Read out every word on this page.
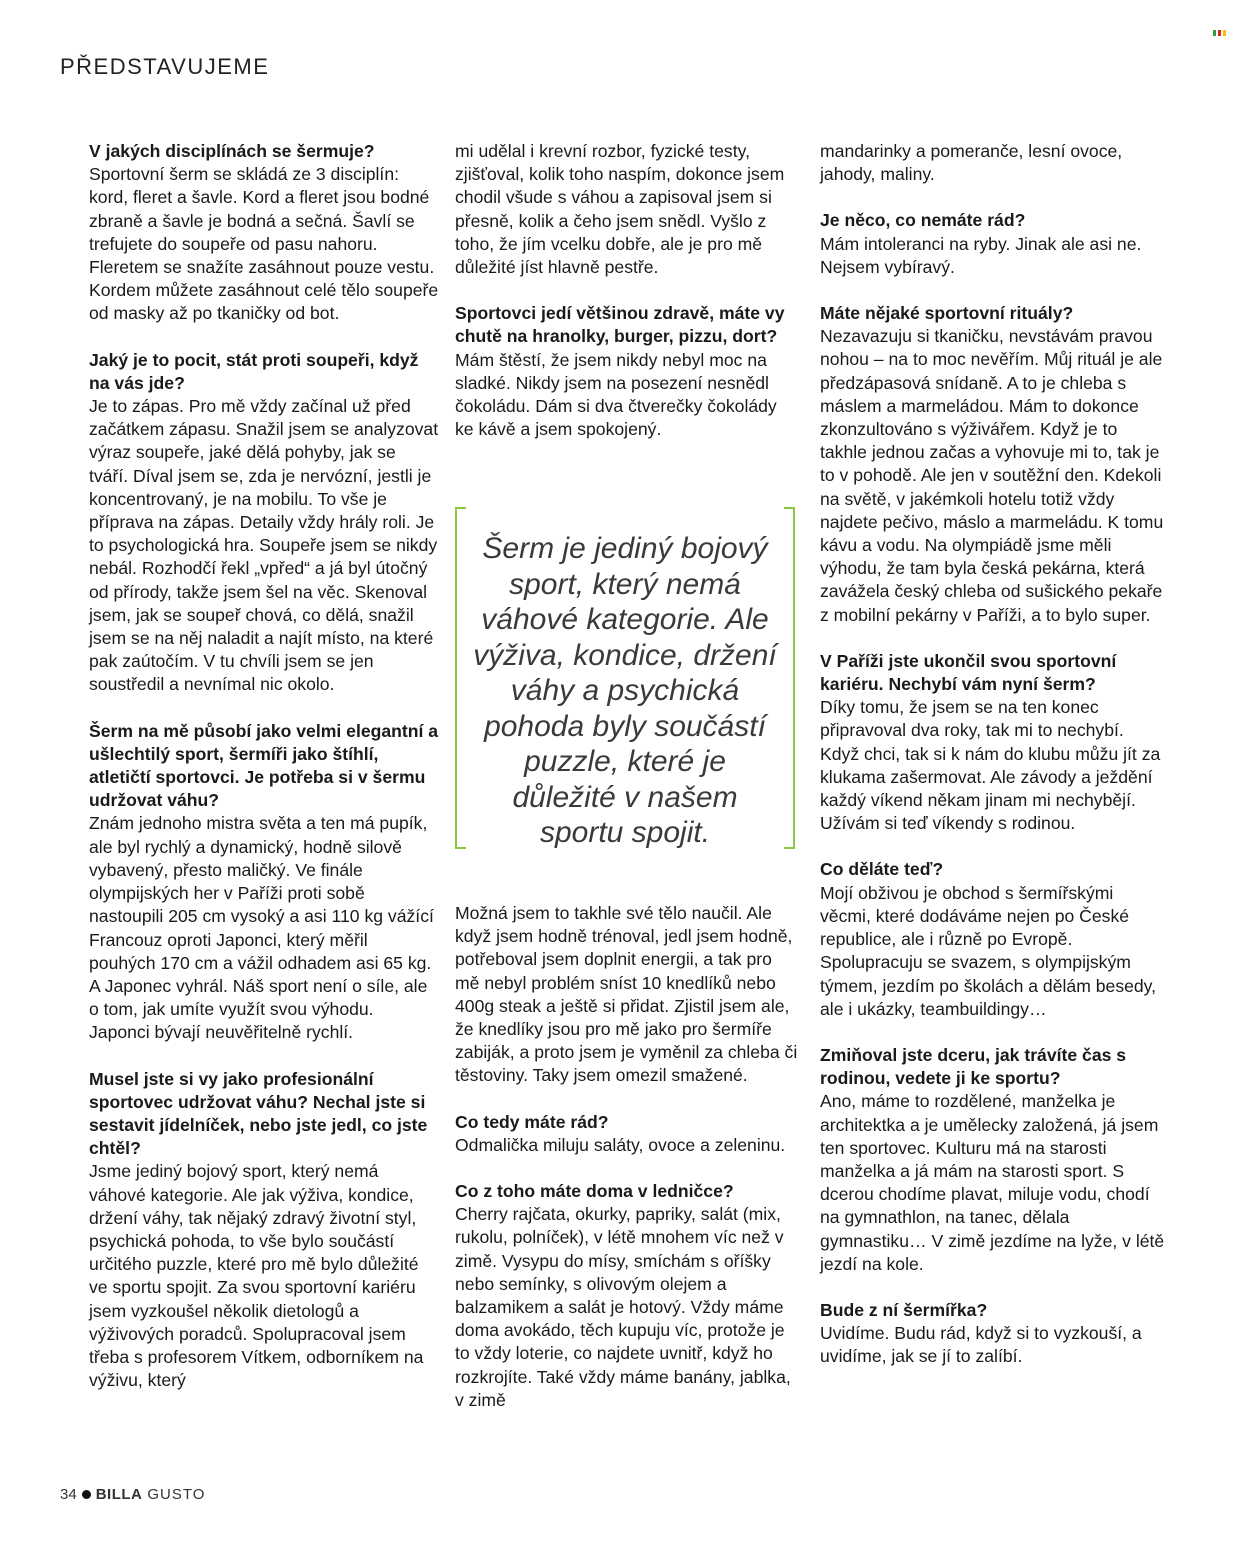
PŘEDSTAVUJEME

V jakých disciplínách se šermuje?
Sportovní šerm se skládá ze 3 disciplín: kord, fleret a šavle. Kord a fleret jsou bodné zbraně a šavle je bodná a sečná. Šavlí se trefujete do soupeře od pasu nahoru. Fleretem se snažíte zasáhnout pouze vestu. Kordem můžete zasáhnout celé tělo soupeře od masky až po tkaničky od bot.

Jaký je to pocit, stát proti soupeři, když na vás jde?
Je to zápas. Pro mě vždy začínal už před začátkem zápasu. Snažil jsem se analyzovat výraz soupeře, jaké dělá pohyby, jak se tváří. Díval jsem se, zda je nervózní, jestli je koncentrovaný, je na mobilu. To vše je příprava na zápas. Detaily vždy hrály roli. Je to psychologická hra. Soupeře jsem se nikdy nebál. Rozhodčí řekl „vpřed“ a já byl útočný od přírody, takže jsem šel na věc. Skenoval jsem, jak se soupeř chová, co dělá, snažil jsem se na něj naladit a najít místo, na které pak zaútočím. V tu chvíli jsem se jen soustředil a nevnímal nic okolo.

Šerm na mě působí jako velmi elegantní a ušlechtilý sport, šermíři jako štíhlí, atletičtí sportovci. Je potřeba si v šermu udržovat váhu?
Znám jednoho mistra světa a ten má pupík, ale byl rychlý a dynamický, hodně silově vybavený, přesto maličký. Ve finále olympijských her v Paříži proti sobě nastoupili 205 cm vysoký a asi 110 kg vážící Francouz oproti Japonci, který měřil pouhých 170 cm a vážil odhadem asi 65 kg. A Japonec vyhrál. Náš sport není o síle, ale o tom, jak umíte využít svou výhodu. Japonci bývají neuvěřitelně rychlí.

Musel jste si vy jako profesionální sportovec udržovat váhu? Nechal jste si sestavit jídelníček, nebo jste jedl, co jste chtěl?
Jsme jediný bojový sport, který nemá váhové kategorie. Ale jak výživa, kondice, držení váhy, tak nějaký zdravý životní styl, psychická pohoda, to vše bylo součástí určitého puzzle, které pro mě bylo důležité ve sportu spojit. Za svou sportovní kariéru jsem vyzkoušel několik dietologů a výživových poradců. Spolupracoval jsem třeba s profesorem Vítkem, odborníkem na výživu, který

mi udělal i krevní rozbor, fyzické testy, zjišťoval, kolik toho naspím, dokonce jsem chodil všude s váhou a zapisoval jsem si přesně, kolik a čeho jsem snědl. Vyšlo z toho, že jím vcelku dobře, ale je pro mě důležité jíst hlavně pestře.

Sportovci jedí většinou zdravě, máte vy chutě na hranolky, burger, pizzu, dort?
Mám štěstí, že jsem nikdy nebyl moc na sladké. Nikdy jsem na posezení nesnědl čokoládu. Dám si dva čtverečky čokolády ke kávě a jsem spokojený.

Šerm je jediný bojový sport, který nemá váhové kategorie. Ale výživa, kondice, držení váhy a psychická pohoda byly součástí puzzle, které je důležité v našem sportu spojit.

Možná jsem to takhle své tělo naučil. Ale když jsem hodně trénoval, jedl jsem hodně, potřeboval jsem doplnit energii, a tak pro mě nebyl problém sníst 10 knedlíků nebo 400g steak a ještě si přidat. Zjistil jsem ale, že knedlíky jsou pro mě jako pro šermíře zabiják, a proto jsem je vyměnil za chleba či těstoviny. Taky jsem omezil smažené.

Co tedy máte rád?
Odmalička miluju saláty, ovoce a zeleninu.

Co z toho máte doma v ledničce?
Cherry rajčata, okurky, papriky, salát (mix, rukolu, polníček), v létě mnohem víc než v zimě. Vysypu do mísy, smíchám s oříšky nebo semínky, s olivovým olejem a balzamikem a salát je hotový. Vždy máme doma avokádo, těch kupuju víc, protože je to vždy loterie, co najdete uvnitř, když ho rozkrojíte. Také vždy máme banány, jablka, v zimě

mandarinky a pomeranče, lesní ovoce, jahody, maliny.

Je něco, co nemáte rád?
Mám intoleranci na ryby. Jinak ale asi ne. Nejsem vybíravý.

Máte nějaké sportovní rituály?
Nezavazuju si tkaničku, nevstávám pravou nohou – na to moc nevěřím. Můj rituál je ale předzápasová snídaně. A to je chleba s máslem a marmeládou. Mám to dokonce zkonzultováno s výživářem. Když je to takhle jednou začas a vyhovuje mi to, tak je to v pohodě. Ale jen v soutěžní den. Kdekoli na světě, v jakémkoli hotelu totiž vždy najdete pečivo, máslo a marmeládu. K tomu kávu a vodu. Na olympiádě jsme měli výhodu, že tam byla česká pekárna, která zavážela český chleba od sušického pekaře z mobilní pekárny v Paříži, a to bylo super.

V Paříži jste ukončil svou sportovní kariéru. Nechybí vám nyní šerm?
Díky tomu, že jsem se na ten konec připravoval dva roky, tak mi to nechybí. Když chci, tak si k nám do klubu můžu jít za klukama zašermovat. Ale závody a ježdění každý víkend někam jinam mi nechybějí. Užívám si teď víkendy s rodinou.

Co děláte teď?
Mojí obživou je obchod s šermířskými věcmi, které dodáváme nejen po České republice, ale i různě po Evropě. Spolupracuju se svazem, s olympijským týmem, jezdím po školách a dělám besedy, ale i ukázky, teambuildingy…

Zmiňoval jste dceru, jak trávíte čas s rodinou, vedete ji ke sportu?
Ano, máme to rozdělené, manželka je architektka a je umělecky založená, já jsem ten sportovec. Kulturu má na starosti manželka a já mám na starosti sport. S dcerou chodíme plavat, miluje vodu, chodí na gymnathlon, na tanec, dělala gymnastiku… V zimě jezdíme na lyže, v létě jezdí na kole.

Bude z ní šermířka?
Uvidíme. Budu rád, když si to vyzkouší, a uvidíme, jak se jí to zalíbí.

34 BILLA GUSTO
